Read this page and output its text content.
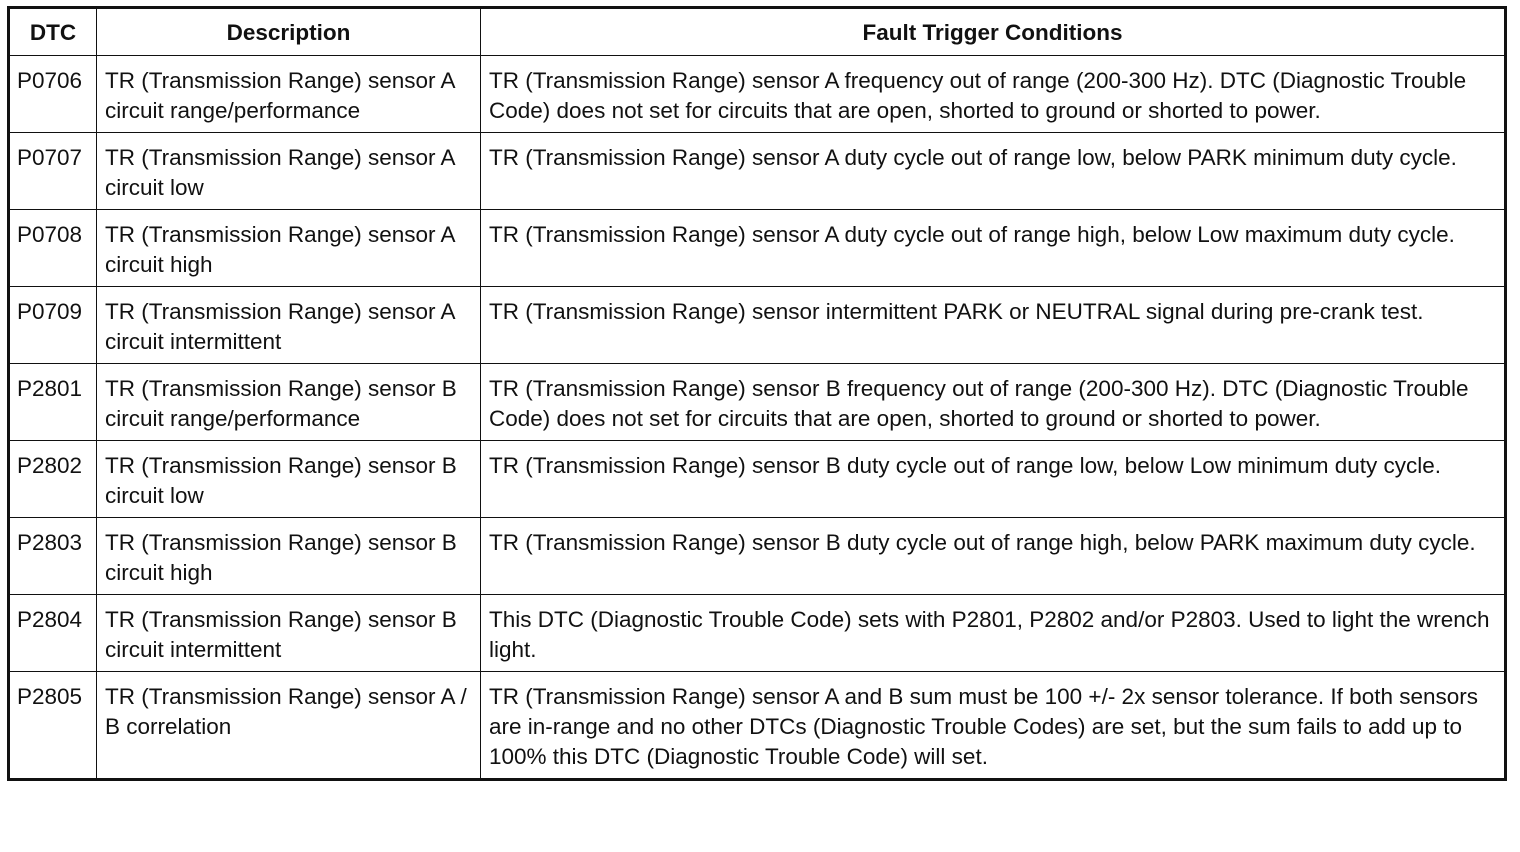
DTC	Description	Fault Trigger Conditions
P0706	TR (Transmission Range) sensor A circuit range/performance	TR (Transmission Range) sensor A frequency out of range (200-300 Hz). DTC (Diagnostic Trouble Code) does not set for circuits that are open, shorted to ground or shorted to power.
P0707	TR (Transmission Range) sensor A circuit low	TR (Transmission Range) sensor A duty cycle out of range low, below PARK minimum duty cycle.
P0708	TR (Transmission Range) sensor A circuit high	TR (Transmission Range) sensor A duty cycle out of range high, below Low maximum duty cycle.
P0709	TR (Transmission Range) sensor A circuit intermittent	TR (Transmission Range) sensor intermittent PARK or NEUTRAL signal during pre-crank test.
P2801	TR (Transmission Range) sensor B circuit range/performance	TR (Transmission Range) sensor B frequency out of range (200-300 Hz). DTC (Diagnostic Trouble Code) does not set for circuits that are open, shorted to ground or shorted to power.
P2802	TR (Transmission Range) sensor B circuit low	TR (Transmission Range) sensor B duty cycle out of range low, below Low minimum duty cycle.
P2803	TR (Transmission Range) sensor B circuit high	TR (Transmission Range) sensor B duty cycle out of range high, below PARK maximum duty cycle.
P2804	TR (Transmission Range) sensor B circuit intermittent	This DTC (Diagnostic Trouble Code) sets with P2801, P2802 and/or P2803. Used to light the wrench light.
P2805	TR (Transmission Range) sensor A / B correlation	TR (Transmission Range) sensor A and B sum must be 100 +/- 2x sensor tolerance. If both sensors are in-range and no other DTCs (Diagnostic Trouble Codes) are set, but the sum fails to add up to 100% this DTC (Diagnostic Trouble Code) will set.
